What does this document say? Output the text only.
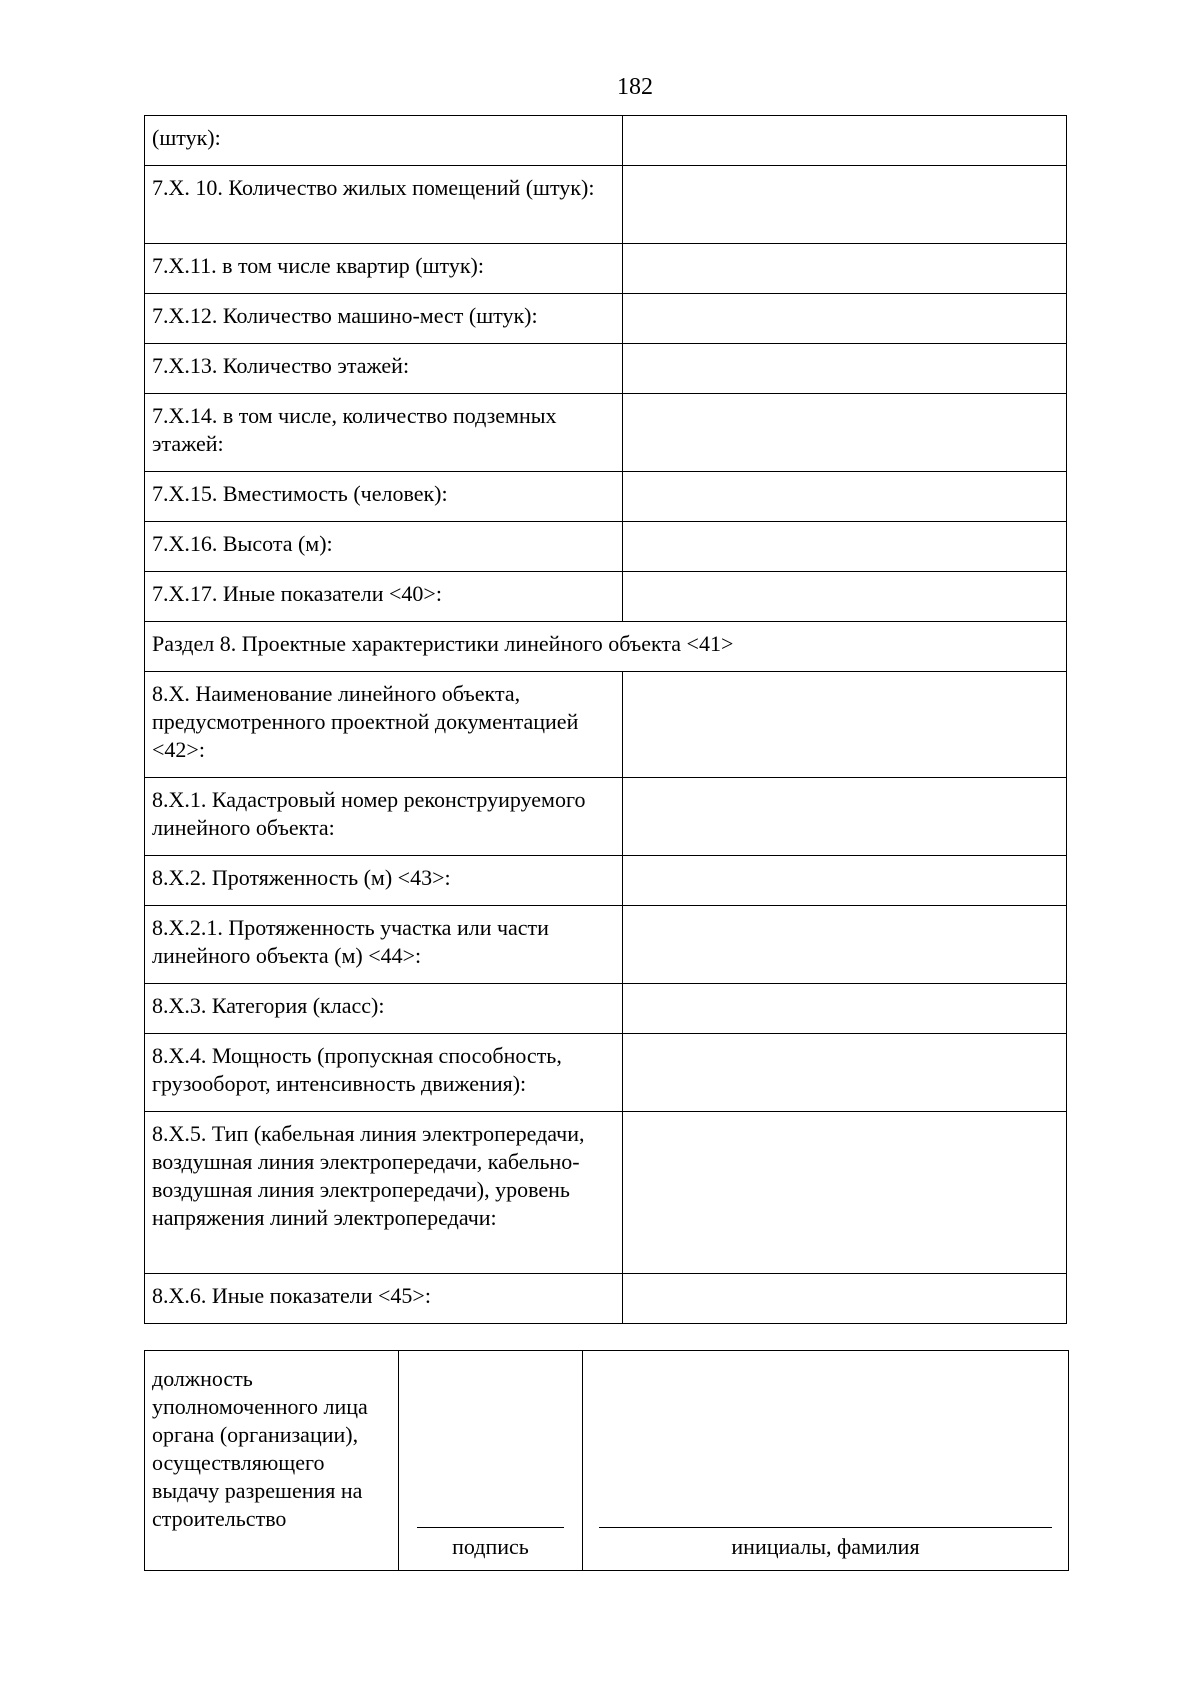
182
(штук):	
7.X. 10. Количество жилых помещений (штук):	
7.X.11. в том числе квартир (штук):	
7.X.12. Количество машино-мест (штук):	
7.X.13. Количество этажей:	
7.X.14. в том числе, количество подземных этажей:	
7.X.15. Вместимость (человек):	
7.X.16. Высота (м):	
7.X.17. Иные показатели <40>:	
Раздел 8. Проектные характеристики линейного объекта <41>	
8.X. Наименование линейного объекта, предусмотренного проектной документацией <42>:	
8.X.1. Кадастровый номер реконструируемого линейного объекта:	
8.X.2. Протяженность (м) <43>:	
8.X.2.1. Протяженность участка или части линейного объекта (м) <44>:	
8.X.3. Категория (класс):	
8.X.4. Мощность (пропускная способность, грузооборот, интенсивность движения):	
8.X.5. Тип (кабельная линия электропередачи, воздушная линия электропередачи, кабельно-воздушная линия электропередачи), уровень напряжения линий электропередачи:	
8.X.6. Иные показатели <45>:	
должность уполномоченного лица органа (организации), осуществляющего выдачу разрешения на строительство	
подпись	инициалы, фамилия
